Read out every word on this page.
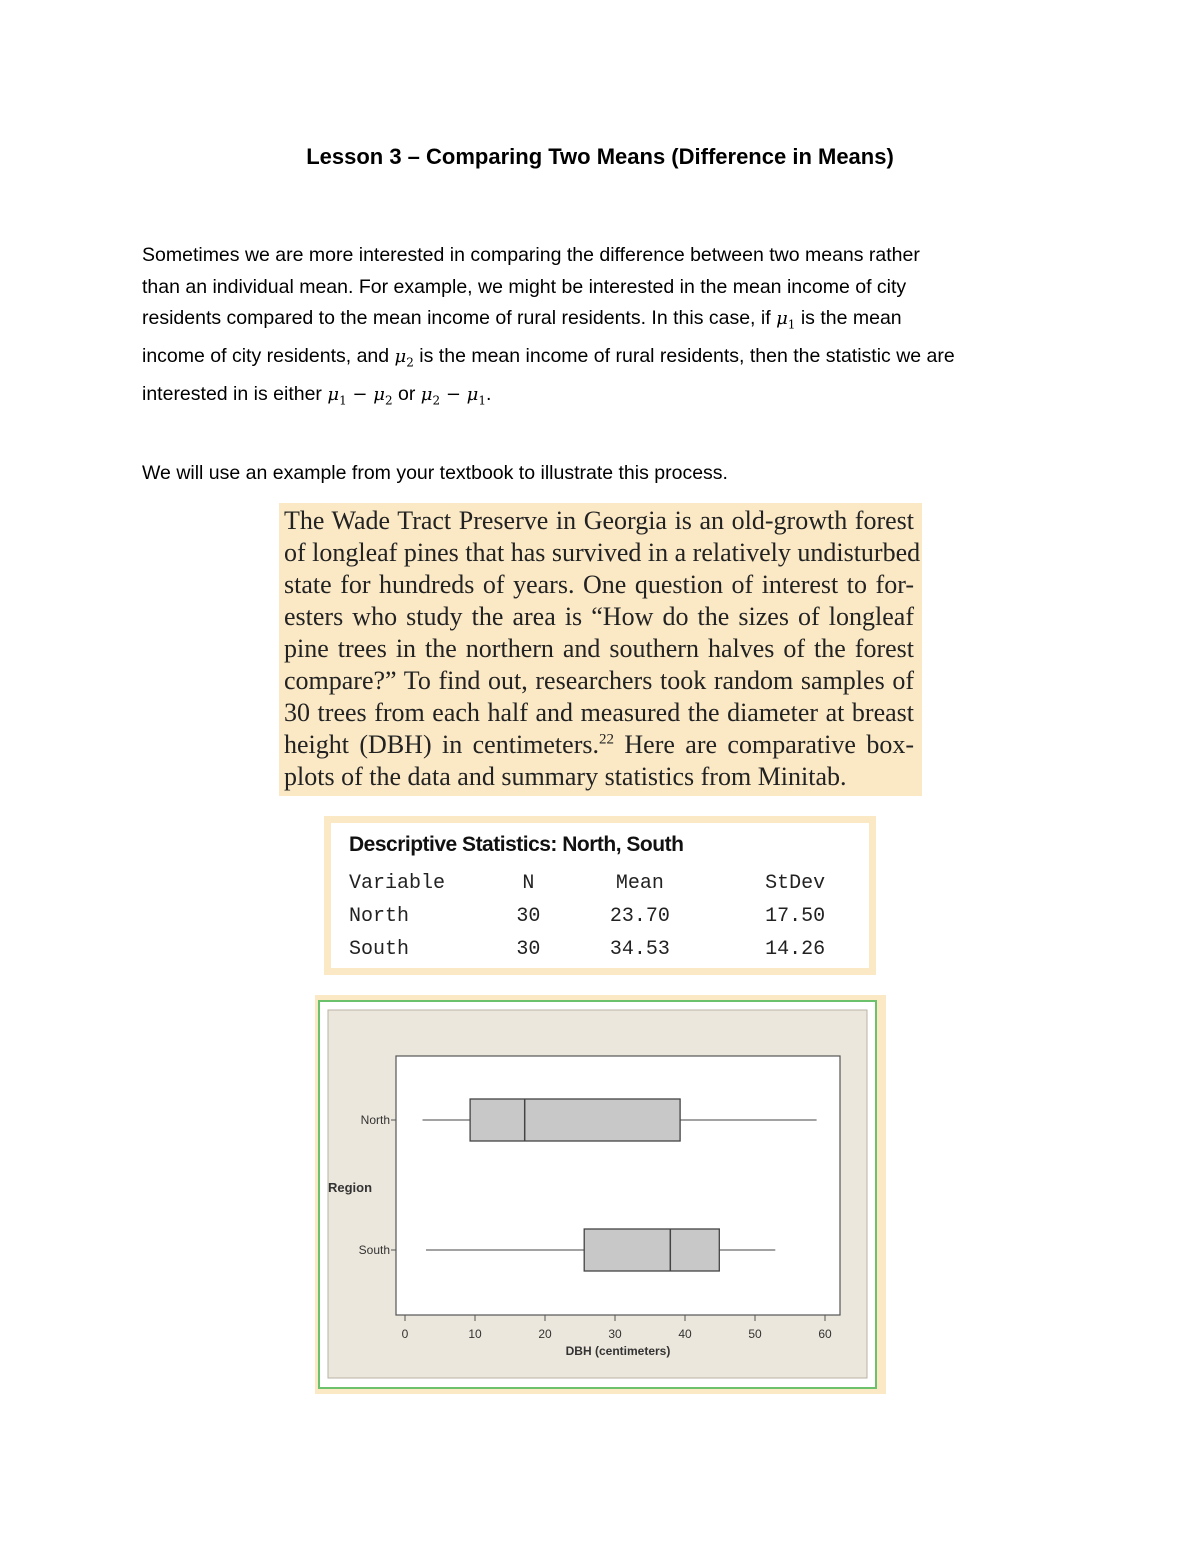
Lesson 3 – Comparing Two Means (Difference in Means)
Sometimes we are more interested in comparing the difference between two means rather
than an individual mean. For example, we might be interested in the mean income of city
residents compared to the mean income of rural residents. In this case, if $\mu_1$ is the mean
income of city residents, and $\mu_2$ is the mean income of rural residents, then the statistic we are
interested in is either $\mu_1 - \mu_2$ or $\mu_2 - \mu_1$.
We will use an example from your textbook to illustrate this process.
The Wade Tract Preserve in Georgia is an old-growth forest
of longleaf pines that has survived in a relatively undisturbed
state for hundreds of years. One question of interest to for-
esters who study the area is “How do the sizes of longleaf
pine trees in the northern and southern halves of the forest
compare?” To find out, researchers took random samples of
30 trees from each half and measured the diameter at breast
height (DBH) in centimeters.$^{22}$ Here are comparative box-
plots of the data and summary statistics from Minitab.
Descriptive Statistics: North, South
Variable	N	Mean	StDev
North	30	23.70	17.50
South	30	34.53	14.26
0	10	20	30	40	50	60
DBH (centimeters)
Region
North
South
